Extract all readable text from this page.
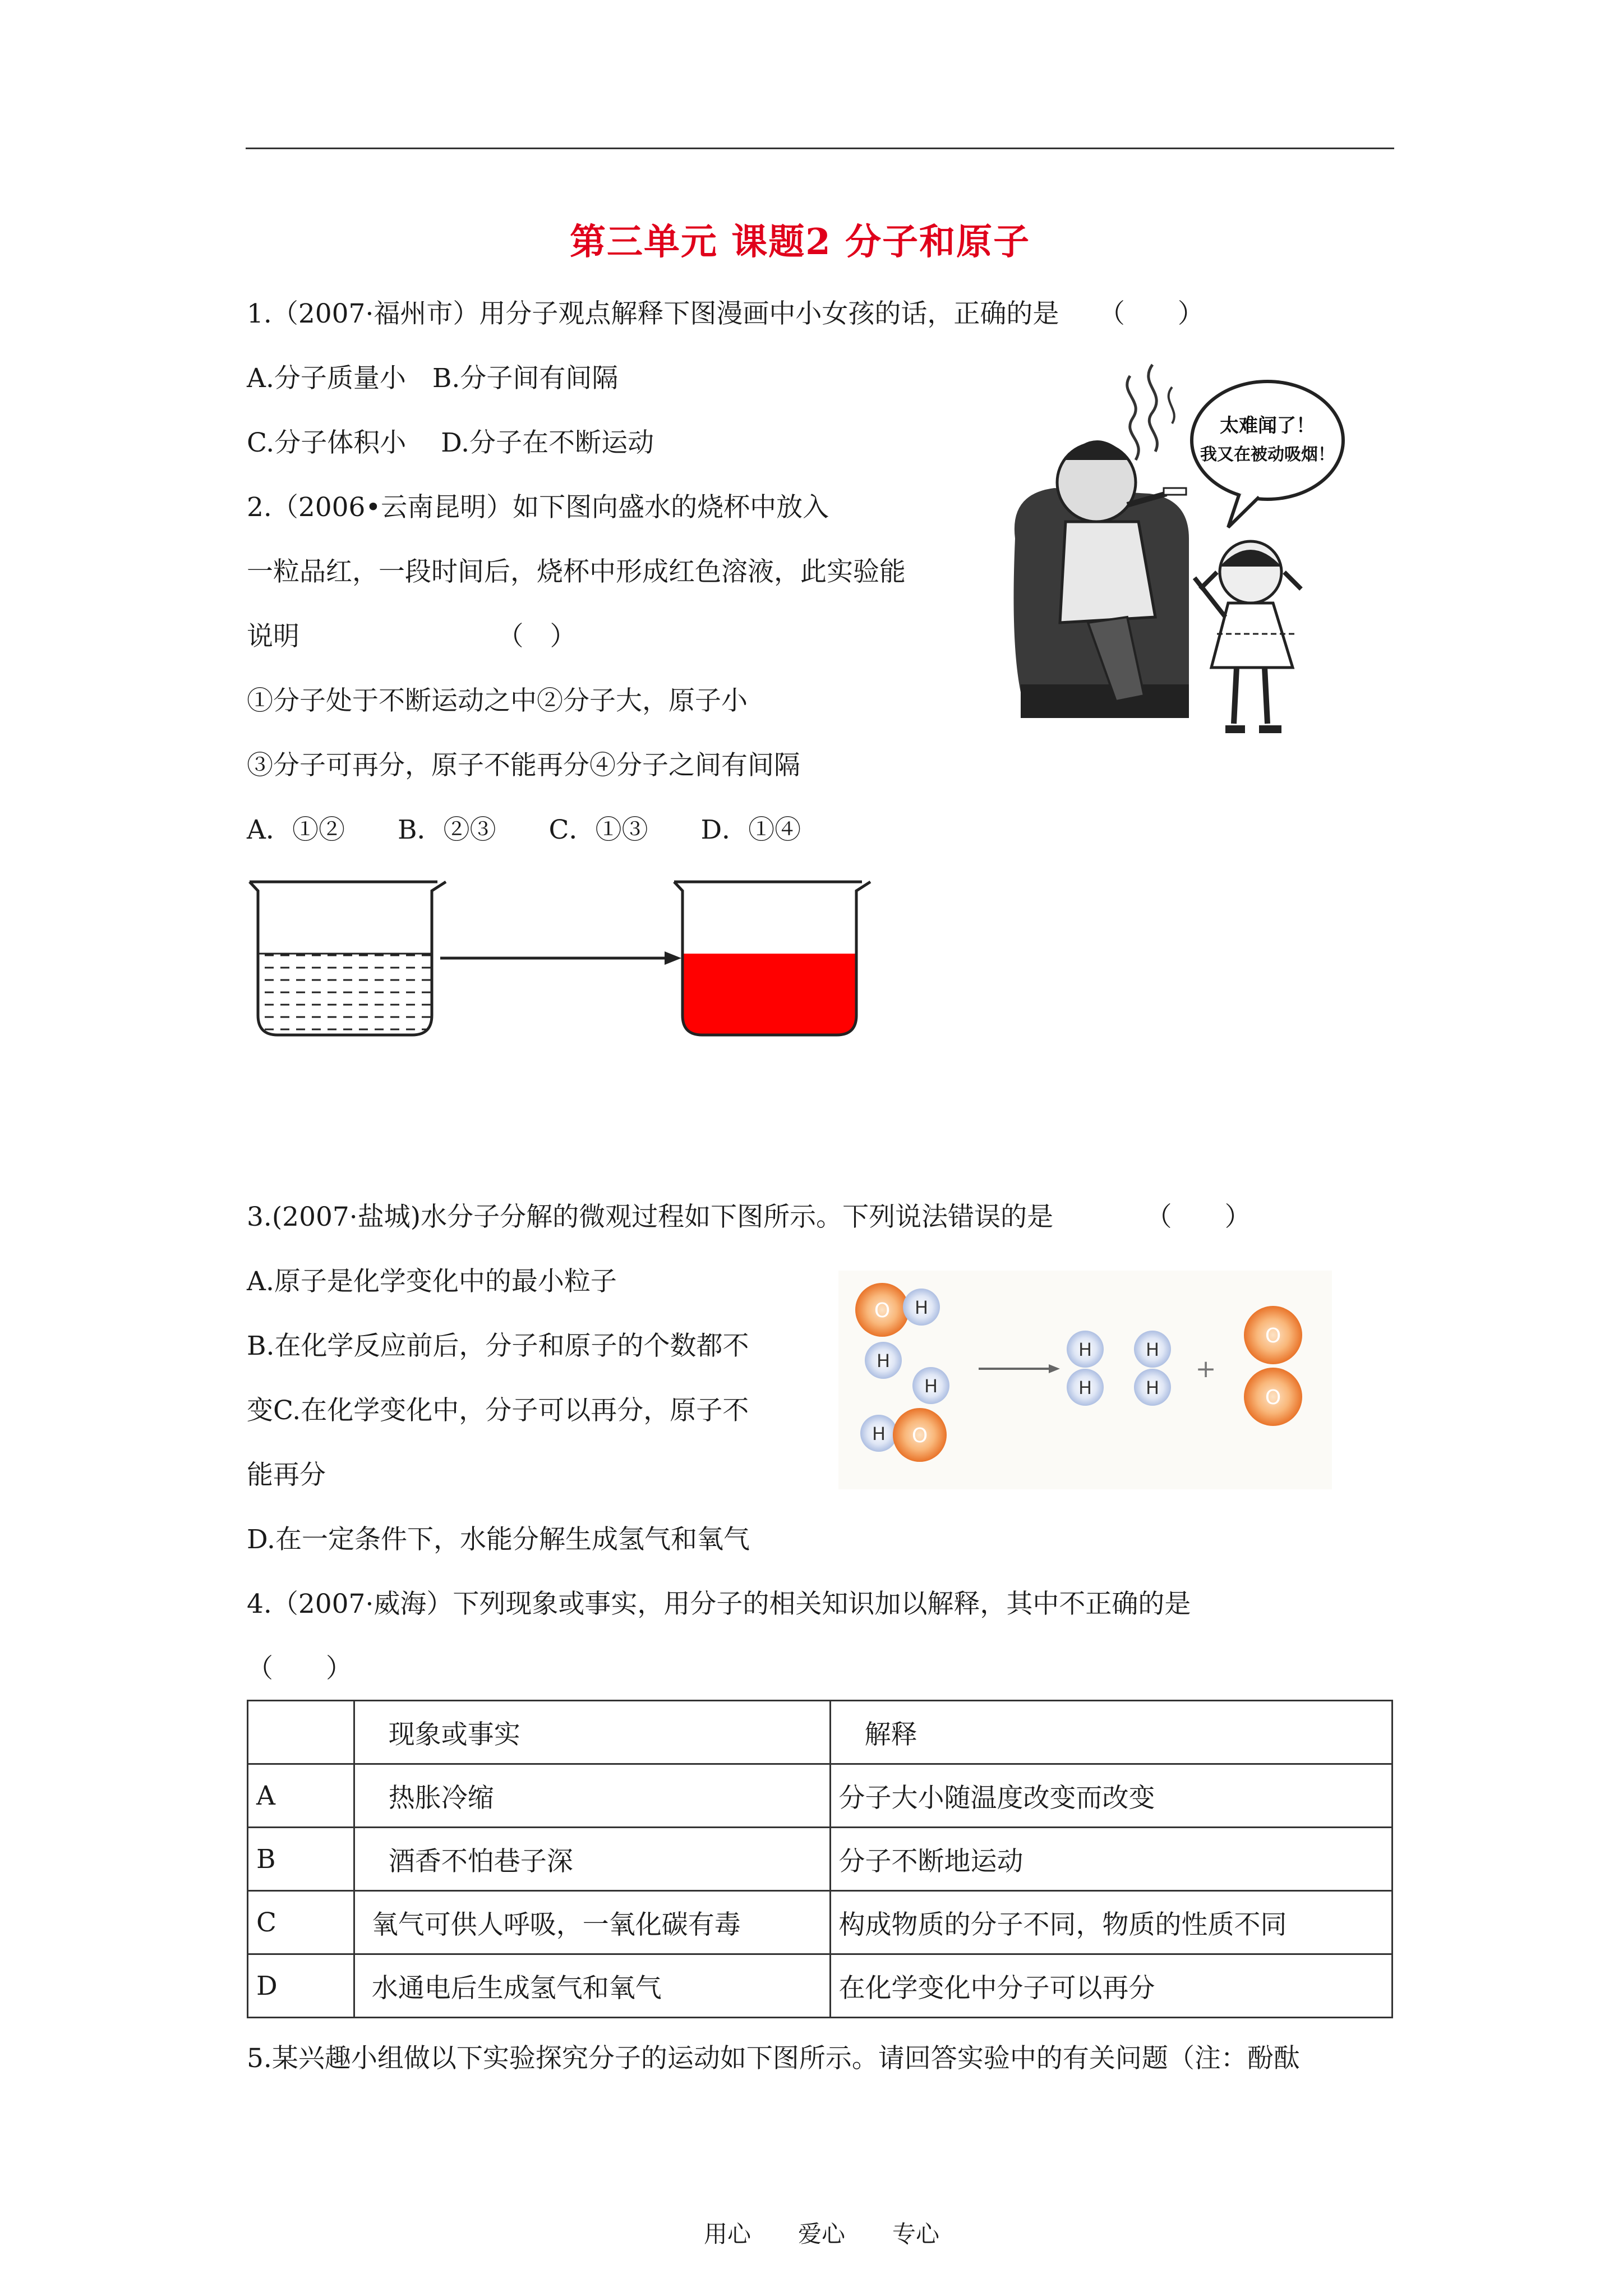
第三单元 课题2 分子和原子
1.（2007·福州市）用分子观点解释下图漫画中小女孩的话，正确的是　　（　　）
A.分子质量小　B.分子间有间隔
C.分子体积小　 D.分子在不断运动
太难闻了！
我又在被动吸烟！
2.（2006•云南昆明）如下图向盛水的烧杯中放入
一粒品红，一段时间后，烧杯中形成红色溶液，此实验能
说明　　　　　　　　（　）
①分子处于不断运动之中②分子大，原子小
③分子可再分，原子不能再分④分子之间有间隔
A．①②　　B．②③　　C．①③　　D．①④
3.(2007·盐城)水分子分解的微观过程如下图所示。下列说法错误的是　　　　（　　）
A.原子是化学变化中的最小粒子
B.在化学反应前后，分子和原子的个数都不
变C.在化学变化中，分子可以再分，原子不
能再分
D.在一定条件下，水能分解生成氢气和氧气
O H
H
H
H O
H
H
H
H
+
O
O
4.（2007·威海）下列现象或事实，用分子的相关知识加以解释，其中不正确的是
（　　）
	现象或事实	解释
A	热胀冷缩	分子大小随温度改变而改变
B	酒香不怕巷子深	分子不断地运动
C	氧气可供人呼吸，一氧化碳有毒	构成物质的分子不同，物质的性质不同
D	水通电后生成氢气和氧气	在化学变化中分子可以再分
5.某兴趣小组做以下实验探究分子的运动如下图所示。请回答实验中的有关问题（注：酚酞
用心　　爱心　　专心
